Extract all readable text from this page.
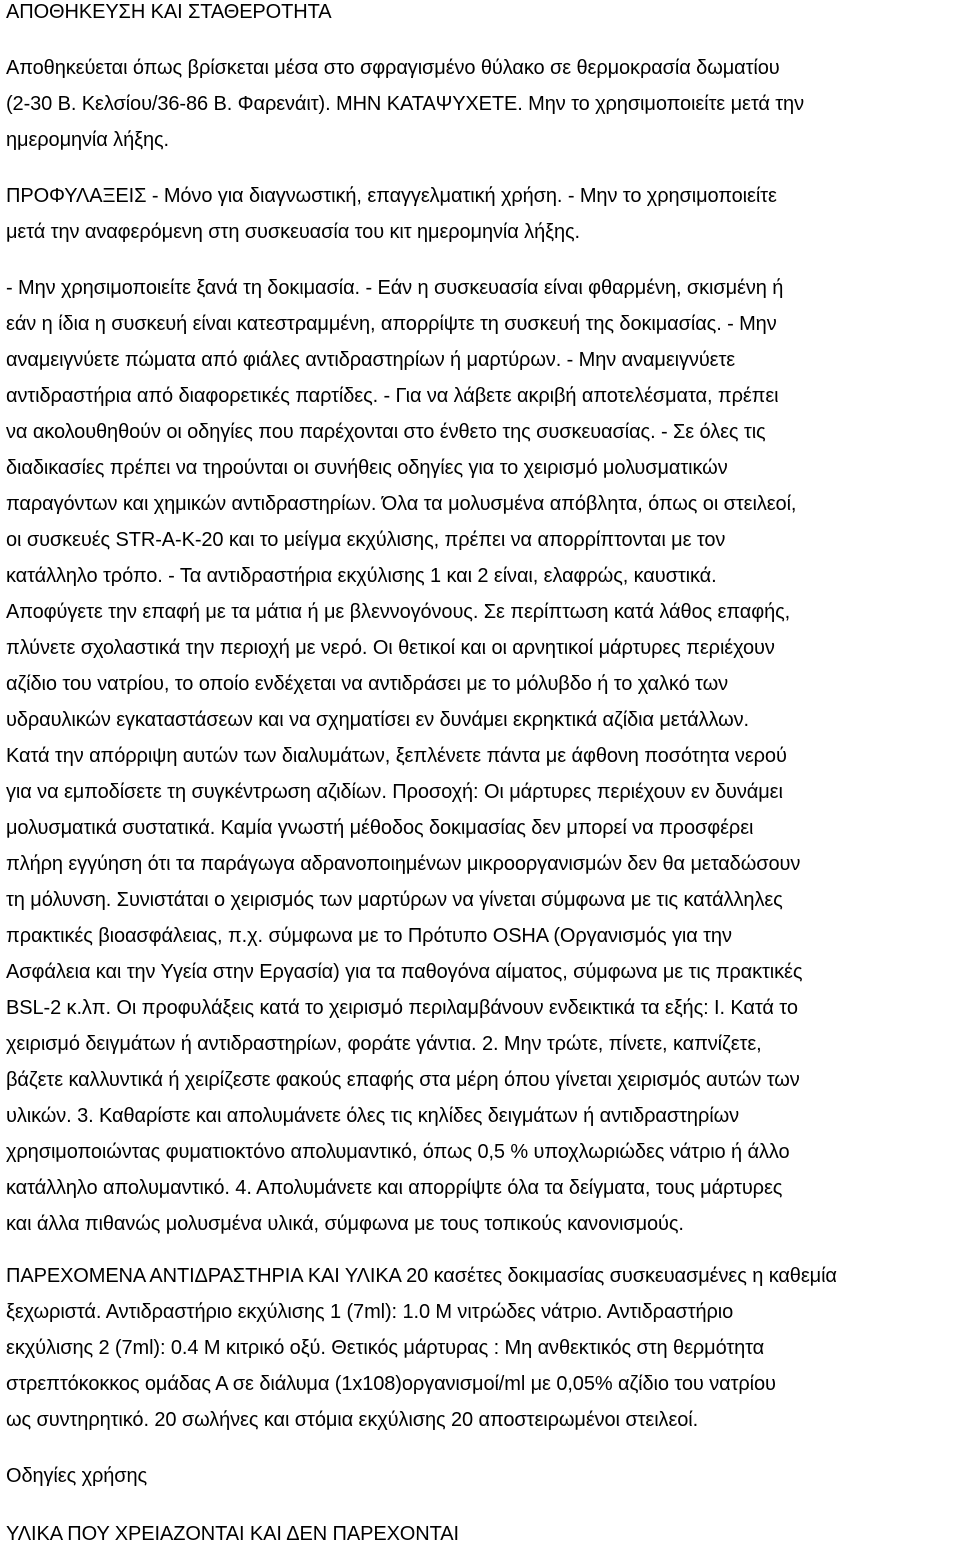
ΑΠΟΘΗΚΕΥΣΗ ΚΑΙ ΣΤΑΘΕΡΟΤΗΤΑ
Αποθηκεύεται όπως βρίσκεται μέσα στο σφραγισμένο θύλακο σε θερμοκρασία δωματίου
(2-30 Β. Κελσίου/36-86 Β. Φαρενάιτ). ΜΗΝ ΚΑΤΑΨΥΧΕΤΕ. Μην το χρησιμοποιείτε μετά την
ημερομηνία λήξης.
ΠΡΟΦΥΛΑΞΕΙΣ - Μόνο για διαγνωστική, επαγγελματική χρήση. - Μην το χρησιμοποιείτε
μετά την αναφερόμενη στη συσκευασία του κιτ ημερομηνία λήξης.
- Μην χρησιμοποιείτε ξανά τη δοκιμασία. - Εάν η συσκευασία είναι φθαρμένη, σκισμένη ή
εάν η ίδια η συσκευή είναι κατεστραμμένη, απορρίψτε τη συσκευή της δοκιμασίας. - Μην
αναμειγνύετε πώματα από φιάλες αντιδραστηρίων ή μαρτύρων. - Μην αναμειγνύετε
αντιδραστήρια από διαφορετικές παρτίδες. - Για να λάβετε ακριβή αποτελέσματα, πρέπει
να ακολουθηθούν οι οδηγίες που παρέχονται στο ένθετο της συσκευασίας. - Σε όλες τις
διαδικασίες πρέπει να τηρούνται οι συνήθεις οδηγίες για το χειρισμό μολυσματικών
παραγόντων και χημικών αντιδραστηρίων. Όλα τα μολυσμένα απόβλητα, όπως οι στειλεοί,
οι συσκευές STR-A-K-20 και το μείγμα εκχύλισης, πρέπει να απορρίπτονται με τον
κατάλληλο τρόπο. - Τα αντιδραστήρια εκχύλισης 1 και 2 είναι, ελαφρώς, καυστικά.
Αποφύγετε την επαφή με τα μάτια ή με βλεννογόνους. Σε περίπτωση κατά λάθος επαφής,
πλύνετε σχολαστικά την περιοχή με νερό. Οι θετικοί και οι αρνητικοί μάρτυρες περιέχουν
αζίδιο του νατρίου, το οποίο ενδέχεται να αντιδράσει με το μόλυβδο ή το χαλκό των
υδραυλικών εγκαταστάσεων και να σχηματίσει εν δυνάμει εκρηκτικά αζίδια μετάλλων.
Κατά την απόρριψη αυτών των διαλυμάτων, ξεπλένετε πάντα με άφθονη ποσότητα νερού
για να εμποδίσετε τη συγκέντρωση αζιδίων. Προσοχή: Οι μάρτυρες περιέχουν εν δυνάμει
μολυσματικά συστατικά. Καμία γνωστή μέθοδος δοκιμασίας δεν μπορεί να προσφέρει
πλήρη εγγύηση ότι τα παράγωγα αδρανοποιημένων μικροοργανισμών δεν θα μεταδώσουν
τη μόλυνση. Συνιστάται ο χειρισμός των μαρτύρων να γίνεται σύμφωνα με τις κατάλληλες
πρακτικές βιοασφάλειας, π.χ. σύμφωνα με το Πρότυπο OSHA (Οργανισμός για την
Ασφάλεια και την Υγεία στην Εργασία) για τα παθογόνα αίματος, σύμφωνα με τις πρακτικές
BSL-2 κ.λπ. Οι προφυλάξεις κατά το χειρισμό περιλαμβάνουν ενδεικτικά τα εξής: I. Κατά το
χειρισμό δειγμάτων ή αντιδραστηρίων, φοράτε γάντια. 2. Μην τρώτε, πίνετε, καπνίζετε,
βάζετε καλλυντικά ή χειρίζεστε φακούς επαφής στα μέρη όπου γίνεται χειρισμός αυτών των
υλικών. 3. Καθαρίστε και απολυμάνετε όλες τις κηλίδες δειγμάτων ή αντιδραστηρίων
χρησιμοποιώντας φυματιοκτόνο απολυμαντικό, όπως 0,5 % υποχλωριώδες νάτριο ή άλλο
κατάλληλο απολυμαντικό. 4. Απολυμάνετε και απορρίψτε όλα τα δείγματα, τους μάρτυρες
και άλλα πιθανώς μολυσμένα υλικά, σύμφωνα με τους τοπικούς κανονισμούς.
ΠΑΡΕΧΟΜΕΝΑ ΑΝΤΙΔΡΑΣΤΗΡΙΑ ΚΑΙ ΥΛΙΚΑ 20 κασέτες δοκιμασίας συσκευασμένες η καθεμία
ξεχωριστά. Αντιδραστήριο εκχύλισης 1 (7ml): 1.0 M νιτρώδες νάτριο. Αντιδραστήριο
εκχύλισης 2 (7ml): 0.4 M κιτρικό οξύ. Θετικός μάρτυρας : Μη ανθεκτικός στη θερμότητα
στρεπτόκοκκος ομάδας Α σε διάλυμα (1x108)οργανισμοί/ml με 0,05% αζίδιο του νατρίου
ως συντηρητικό. 20 σωλήνες και στόμια εκχύλισης 20 αποστειρωμένοι στειλεοί.
Οδηγίες χρήσης
ΥΛΙΚΑ ΠΟΥ ΧΡΕΙΑΖΟΝΤΑΙ ΚΑΙ ΔΕΝ ΠΑΡΕΧΟΝΤΑΙ
